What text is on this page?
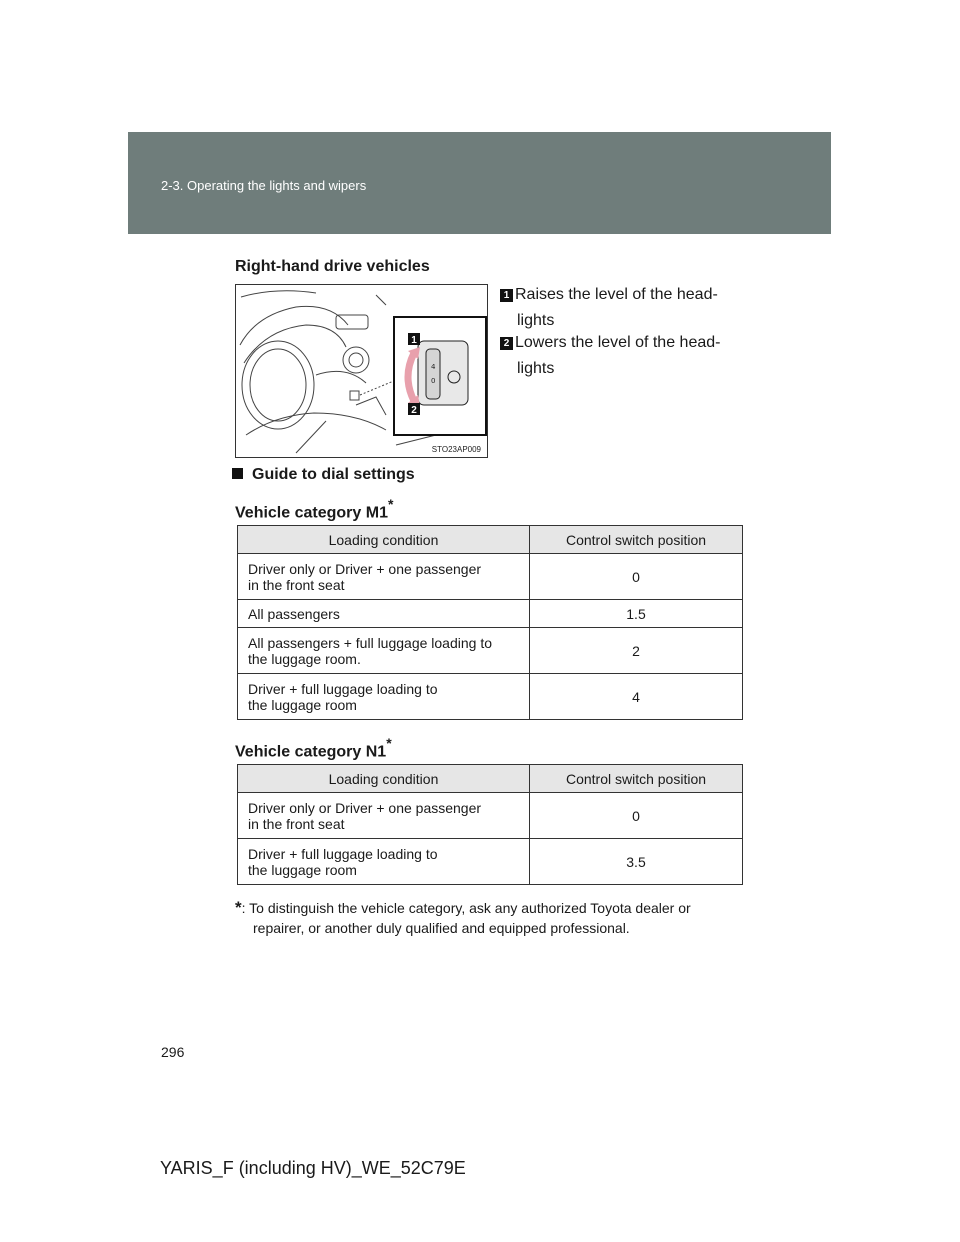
2-3. Operating the lights and wipers
Right-hand drive vehicles
4
0
1
2
STO23AP009
1 Raises the level of the head-
lights
2 Lowers the level of the head-
lights
Guide to dial settings
Vehicle category M1*
Loading condition	Control switch position
Driver only or Driver + one passenger
in the front seat	0
All passengers	1.5
All passengers + full luggage loading to
the luggage room.	2
Driver + full luggage loading to
the luggage room	4
Vehicle category N1*
Loading condition	Control switch position
Driver only or Driver + one passenger
in the front seat	0
Driver + full luggage loading to
the luggage room	3.5
*: To distinguish the vehicle category, ask any authorized Toyota dealer or
repairer, or another duly qualified and equipped professional.
296
YARIS_F (including HV)_WE_52C79E
